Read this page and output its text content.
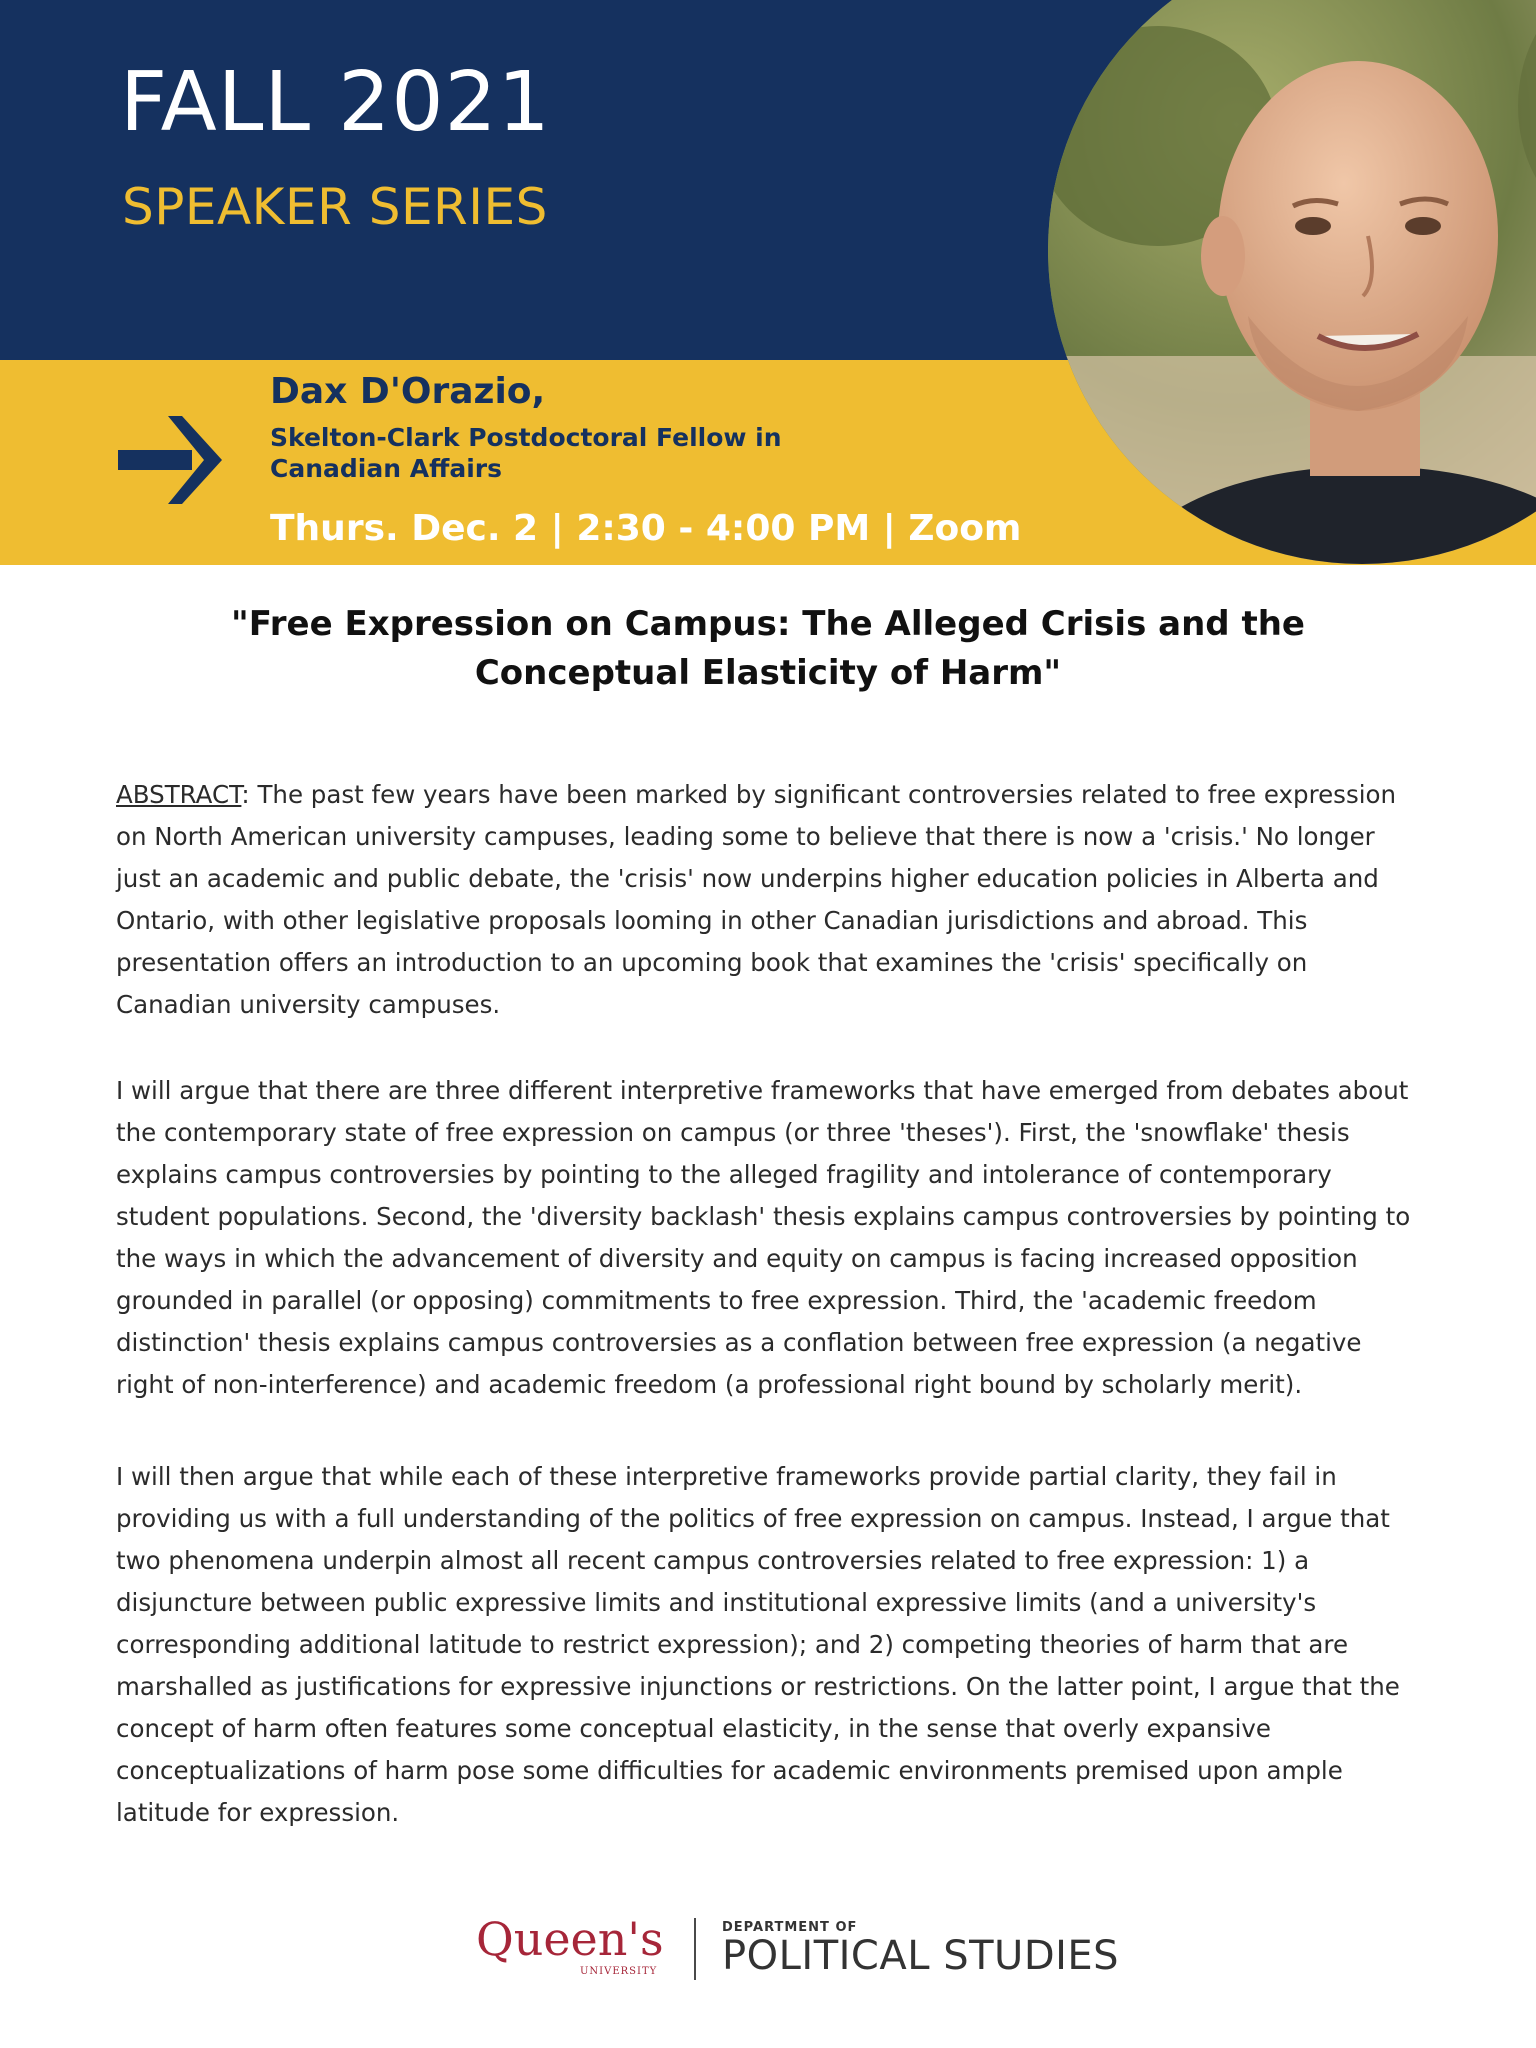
FALL 2021
SPEAKER SERIES
Dax D'Orazio,
Skelton-Clark Postdoctoral Fellow in Canadian Affairs
Thurs. Dec. 2 | 2:30 - 4:00 PM | Zoom
"Free Expression on Campus: The Alleged Crisis and the Conceptual Elasticity of Harm"
ABSTRACT: The past few years have been marked by significant controversies related to free expression on North American university campuses, leading some to believe that there is now a 'crisis.' No longer just an academic and public debate, the 'crisis' now underpins higher education policies in Alberta and Ontario, with other legislative proposals looming in other Canadian jurisdictions and abroad. This presentation offers an introduction to an upcoming book that examines the 'crisis' specifically on Canadian university campuses.
I will argue that there are three different interpretive frameworks that have emerged from debates about the contemporary state of free expression on campus (or three 'theses'). First, the 'snowflake' thesis explains campus controversies by pointing to the alleged fragility and intolerance of contemporary student populations. Second, the 'diversity backlash' thesis explains campus controversies by pointing to the ways in which the advancement of diversity and equity on campus is facing increased opposition grounded in parallel (or opposing) commitments to free expression. Third, the 'academic freedom distinction' thesis explains campus controversies as a conflation between free expression (a negative right of non-interference) and academic freedom (a professional right bound by scholarly merit).
I will then argue that while each of these interpretive frameworks provide partial clarity, they fail in providing us with a full understanding of the politics of free expression on campus. Instead, I argue that two phenomena underpin almost all recent campus controversies related to free expression: 1) a disjuncture between public expressive limits and institutional expressive limits (and a university's corresponding additional latitude to restrict expression); and 2) competing theories of harm that are marshalled as justifications for expressive injunctions or restrictions. On the latter point, I argue that the concept of harm often features some conceptual elasticity, in the sense that overly expansive conceptualizations of harm pose some difficulties for academic environments premised upon ample latitude for expression.
Queen's
UNIVERSITY
DEPARTMENT OF
POLITICAL STUDIES
